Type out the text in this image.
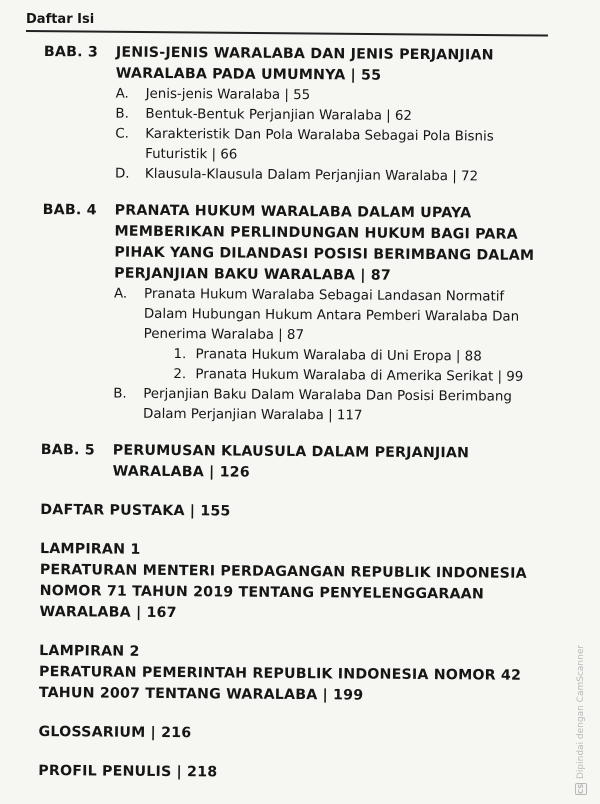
Daftar Isi
BAB. 3	JENIS-JENIS WARALABA DAN JENIS PERJANJIAN
WARALABA PADA UMUMNYA | 55
A.	Jenis-jenis Waralaba | 55
B.	Bentuk-Bentuk Perjanjian Waralaba | 62
C.	Karakteristik Dan Pola Waralaba Sebagai Pola Bisnis
Futuristik | 66
D.	Klausula-Klausula Dalam Perjanjian Waralaba | 72
BAB. 4	PRANATA HUKUM WARALABA DALAM UPAYA
MEMBERIKAN PERLINDUNGAN HUKUM BAGI PARA
PIHAK YANG DILANDASI POSISI BERIMBANG DALAM
PERJANJIAN BAKU WARALABA | 87
A.	Pranata Hukum Waralaba Sebagai Landasan Normatif
Dalam Hubungan Hukum Antara Pemberi Waralaba Dan
Penerima Waralaba | 87
1. Pranata Hukum Waralaba di Uni Eropa | 88
2. Pranata Hukum Waralaba di Amerika Serikat | 99
B.	Perjanjian Baku Dalam Waralaba Dan Posisi Berimbang
Dalam Perjanjian Waralaba | 117
BAB. 5	PERUMUSAN KLAUSULA DALAM PERJANJIAN
WARALABA | 126
DAFTAR PUSTAKA | 155
LAMPIRAN 1
PERATURAN MENTERI PERDAGANGAN REPUBLIK INDONESIA
NOMOR 71 TAHUN 2019 TENTANG PENYELENGGARAAN
WARALABA | 167
LAMPIRAN 2
PERATURAN PEMERINTAH REPUBLIK INDONESIA NOMOR 42
TAHUN 2007 TENTANG WARALABA | 199
GLOSSARIUM | 216
PROFIL PENULIS | 218
CS
Dipindai dengan CamScanner
